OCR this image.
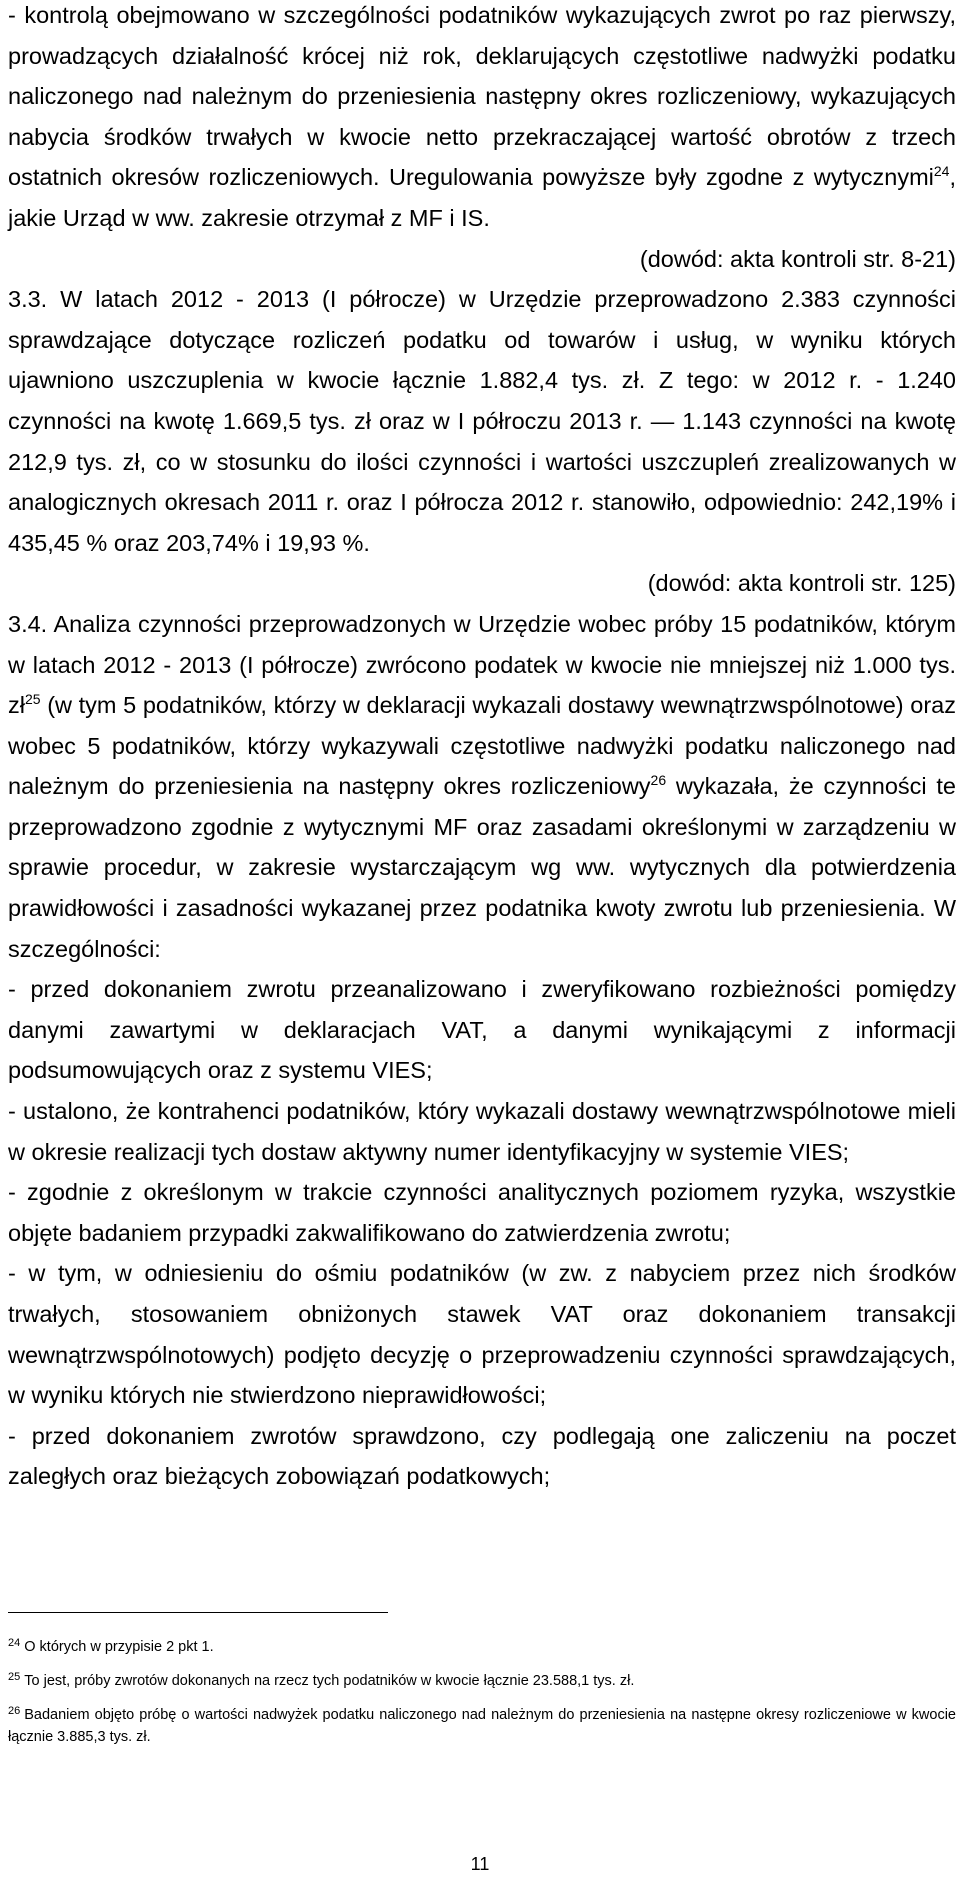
- kontrolą obejmowano w szczególności podatników wykazujących zwrot po raz pierwszy, prowadzących działalność krócej niż rok, deklarujących częstotliwe nadwyżki podatku naliczonego nad należnym do przeniesienia następny okres rozliczeniowy, wykazujących nabycia środków trwałych w kwocie netto przekraczającej wartość obrotów z trzech ostatnich okresów rozliczeniowych. Uregulowania powyższe były zgodne z wytycznymi$^{24}$, jakie Urząd w ww. zakresie otrzymał z MF i IS.

(dowód: akta kontroli str. 8-21)

3.3. W latach 2012 - 2013 (I półrocze) w Urzędzie przeprowadzono 2.383 czynności sprawdzające dotyczące rozliczeń podatku od towarów i usług, w wyniku których ujawniono uszczuplenia w kwocie łącznie 1.882,4 tys. zł. Z tego: w 2012 r. - 1.240 czynności na kwotę 1.669,5 tys. zł oraz w I półroczu 2013 r. — 1.143 czynności na kwotę 212,9 tys. zł, co w stosunku do ilości czynności i wartości uszczupleń zrealizowanych w analogicznych okresach 2011 r. oraz I półrocza 2012 r. stanowiło, odpowiednio: 242,19% i 435,45 % oraz 203,74% i 19,93 %.

(dowód: akta kontroli str. 125)

3.4. Analiza czynności przeprowadzonych w Urzędzie wobec próby 15 podatników, którym w latach 2012 - 2013 (I półrocze) zwrócono podatek w kwocie nie mniejszej niż 1.000 tys. $zł^{25}$ (w tym 5 podatników, którzy w deklaracji wykazali dostawy wewnątrzwspólnotowe) oraz wobec 5 podatników, którzy wykazywali częstotliwe nadwyżki podatku naliczonego nad należnym do przeniesienia na następny okres rozliczeniowy$^{26}$ wykazała, że czynności te przeprowadzono zgodnie z wytycznymi MF oraz zasadami określonymi w zarządzeniu w sprawie procedur, w zakresie wystarczającym wg ww. wytycznych dla potwierdzenia prawidłowości i zasadności wykazanej przez podatnika kwoty zwrotu lub przeniesienia. W szczególności:

- przed dokonaniem zwrotu przeanalizowano i zweryfikowano rozbieżności pomiędzy danymi zawartymi w deklaracjach VAT, a danymi wynikającymi z informacji podsumowujących oraz z systemu VIES;

- ustalono, że kontrahenci podatników, który wykazali dostawy wewnątrzwspólnotowe mieli w okresie realizacji tych dostaw aktywny numer identyfikacyjny w systemie VIES;

- zgodnie z określonym w trakcie czynności analitycznych poziomem ryzyka, wszystkie objęte badaniem przypadki zakwalifikowano do zatwierdzenia zwrotu;

- w tym, w odniesieniu do ośmiu podatników (w zw. z nabyciem przez nich środków trwałych, stosowaniem obniżonych stawek VAT oraz dokonaniem transakcji wewnątrzwspólnotowych) podjęto decyzję o przeprowadzeniu czynności sprawdzających, w wyniku których nie stwierdzono nieprawidłowości;

- przed dokonaniem zwrotów sprawdzono, czy podlegają one zaliczeniu na poczet zaległych oraz bieżących zobowiązań podatkowych;

$^{24}$ O których w przypisie 2 pkt 1.

$^{25}$ To jest, próby zwrotów dokonanych na rzecz tych podatników w kwocie łącznie 23.588,1 tys. zł.

$^{26}$ Badaniem objęto próbę o wartości nadwyżek podatku naliczonego nad należnym do przeniesienia na następne okresy rozliczeniowe w kwocie łącznie 3.885,3 tys. zł.

11
